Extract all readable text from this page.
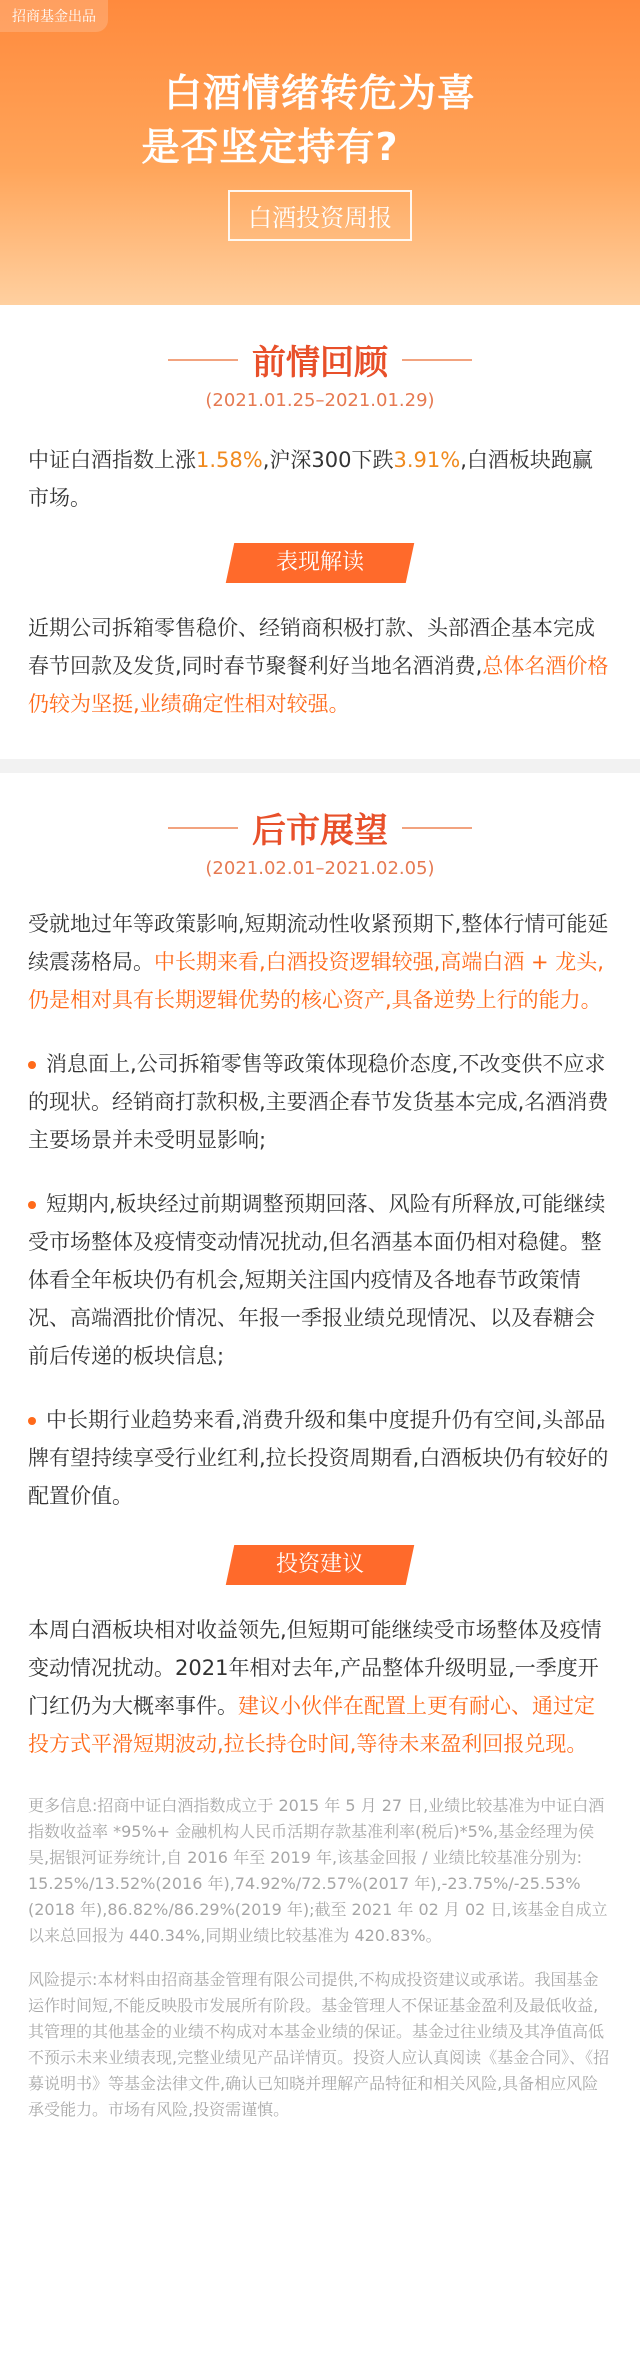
招商基金出品
白酒情绪转危为喜
是否坚定持有?
白酒投资周报
前情回顾
(2021.01.25–2021.01.29)

中证白酒指数上涨1.58%,沪深300下跌3.91%,白酒板块跑赢市场。

表现解读

近期公司拆箱零售稳价、经销商积极打款、头部酒企基本完成春节回款及发货,同时春节聚餐利好当地名酒消费,总体名酒价格仍较为坚挺,业绩确定性相对较强。

后市展望
(2021.02.01–2021.02.05)

受就地过年等政策影响,短期流动性收紧预期下,整体行情可能延续震荡格局。中长期来看,白酒投资逻辑较强,高端白酒 + 龙头,仍是相对具有长期逻辑优势的核心资产,具备逆势上行的能力。

消息面上,公司拆箱零售等政策体现稳价态度,不改变供不应求的现状。经销商打款积极,主要酒企春节发货基本完成,名酒消费主要场景并未受明显影响;

短期内,板块经过前期调整预期回落、风险有所释放,可能继续受市场整体及疫情变动情况扰动,但名酒基本面仍相对稳健。整体看全年板块仍有机会,短期关注国内疫情及各地春节政策情况、高端酒批价情况、年报一季报业绩兑现情况、以及春糖会前后传递的板块信息;

中长期行业趋势来看,消费升级和集中度提升仍有空间,头部品牌有望持续享受行业红利,拉长投资周期看,白酒板块仍有较好的配置价值。

投资建议

本周白酒板块相对收益领先,但短期可能继续受市场整体及疫情变动情况扰动。2021年相对去年,产品整体升级明显,一季度开门红仍为大概率事件。建议小伙伴在配置上更有耐心、通过定投方式平滑短期波动,拉长持仓时间,等待未来盈利回报兑现。

更多信息:招商中证白酒指数成立于 2015 年 5 月 27 日,业绩比较基准为中证白酒指数收益率 *95%+ 金融机构人民币活期存款基准利率(税后)*5%,基金经理为侯昊,据银河证券统计,自 2016 年至 2019 年,该基金回报 / 业绩比较基准分别为: 15.25%/13.52%(2016 年),74.92%/72.57%(2017 年),-23.75%/-25.53%(2018 年),86.82%/86.29%(2019 年);截至 2021 年 02 月 02 日,该基金自成立以来总回报为 440.34%,同期业绩比较基准为 420.83%。

风险提示:本材料由招商基金管理有限公司提供,不构成投资建议或承诺。我国基金运作时间短,不能反映股市发展所有阶段。基金管理人不保证基金盈利及最低收益,其管理的其他基金的业绩不构成对本基金业绩的保证。基金过往业绩及其净值高低不预示未来业绩表现,完整业绩见产品详情页。投资人应认真阅读《基金合同》、《招募说明书》等基金法律文件,确认已知晓并理解产品特征和相关风险,具备相应风险承受能力。市场有风险,投资需谨慎。
